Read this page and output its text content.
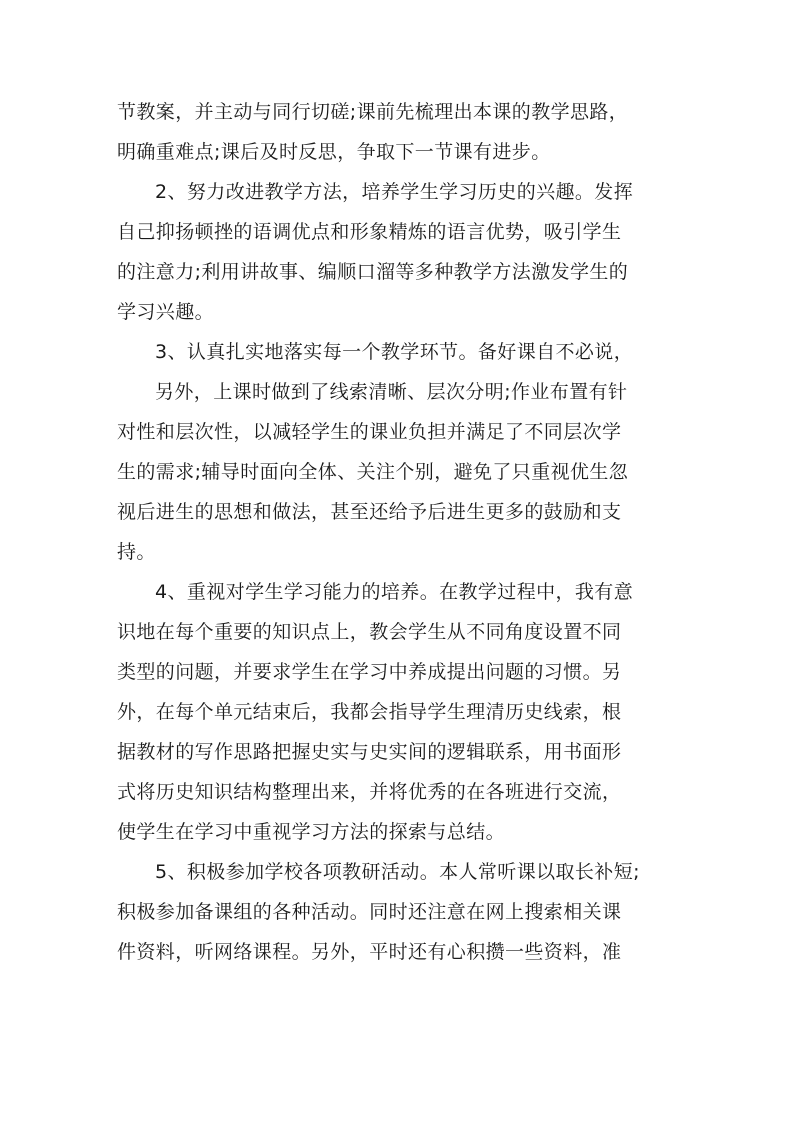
节教案，并主动与同行切磋;课前先梳理出本课的教学思路，

明确重难点;课后及时反思，争取下一节课有进步。

2、努力改进教学方法，培养学生学习历史的兴趣。发挥

自己抑扬顿挫的语调优点和形象精炼的语言优势，吸引学生

的注意力;利用讲故事、编顺口溜等多种教学方法激发学生的

学习兴趣。

3、认真扎实地落实每一个教学环节。备好课自不必说，

另外，上课时做到了线索清晰、层次分明;作业布置有针

对性和层次性，以减轻学生的课业负担并满足了不同层次学

生的需求;辅导时面向全体、关注个别，避免了只重视优生忽

视后进生的思想和做法，甚至还给予后进生更多的鼓励和支

持。

4、重视对学生学习能力的培养。在教学过程中，我有意

识地在每个重要的知识点上，教会学生从不同角度设置不同

类型的问题，并要求学生在学习中养成提出问题的习惯。另

外，在每个单元结束后，我都会指导学生理清历史线索，根

据教材的写作思路把握史实与史实间的逻辑联系，用书面形

式将历史知识结构整理出来，并将优秀的在各班进行交流，

使学生在学习中重视学习方法的探索与总结。

5、积极参加学校各项教研活动。本人常听课以取长补短;

积极参加备课组的各种活动。同时还注意在网上搜索相关课

件资料，听网络课程。另外，平时还有心积攒一些资料，准
